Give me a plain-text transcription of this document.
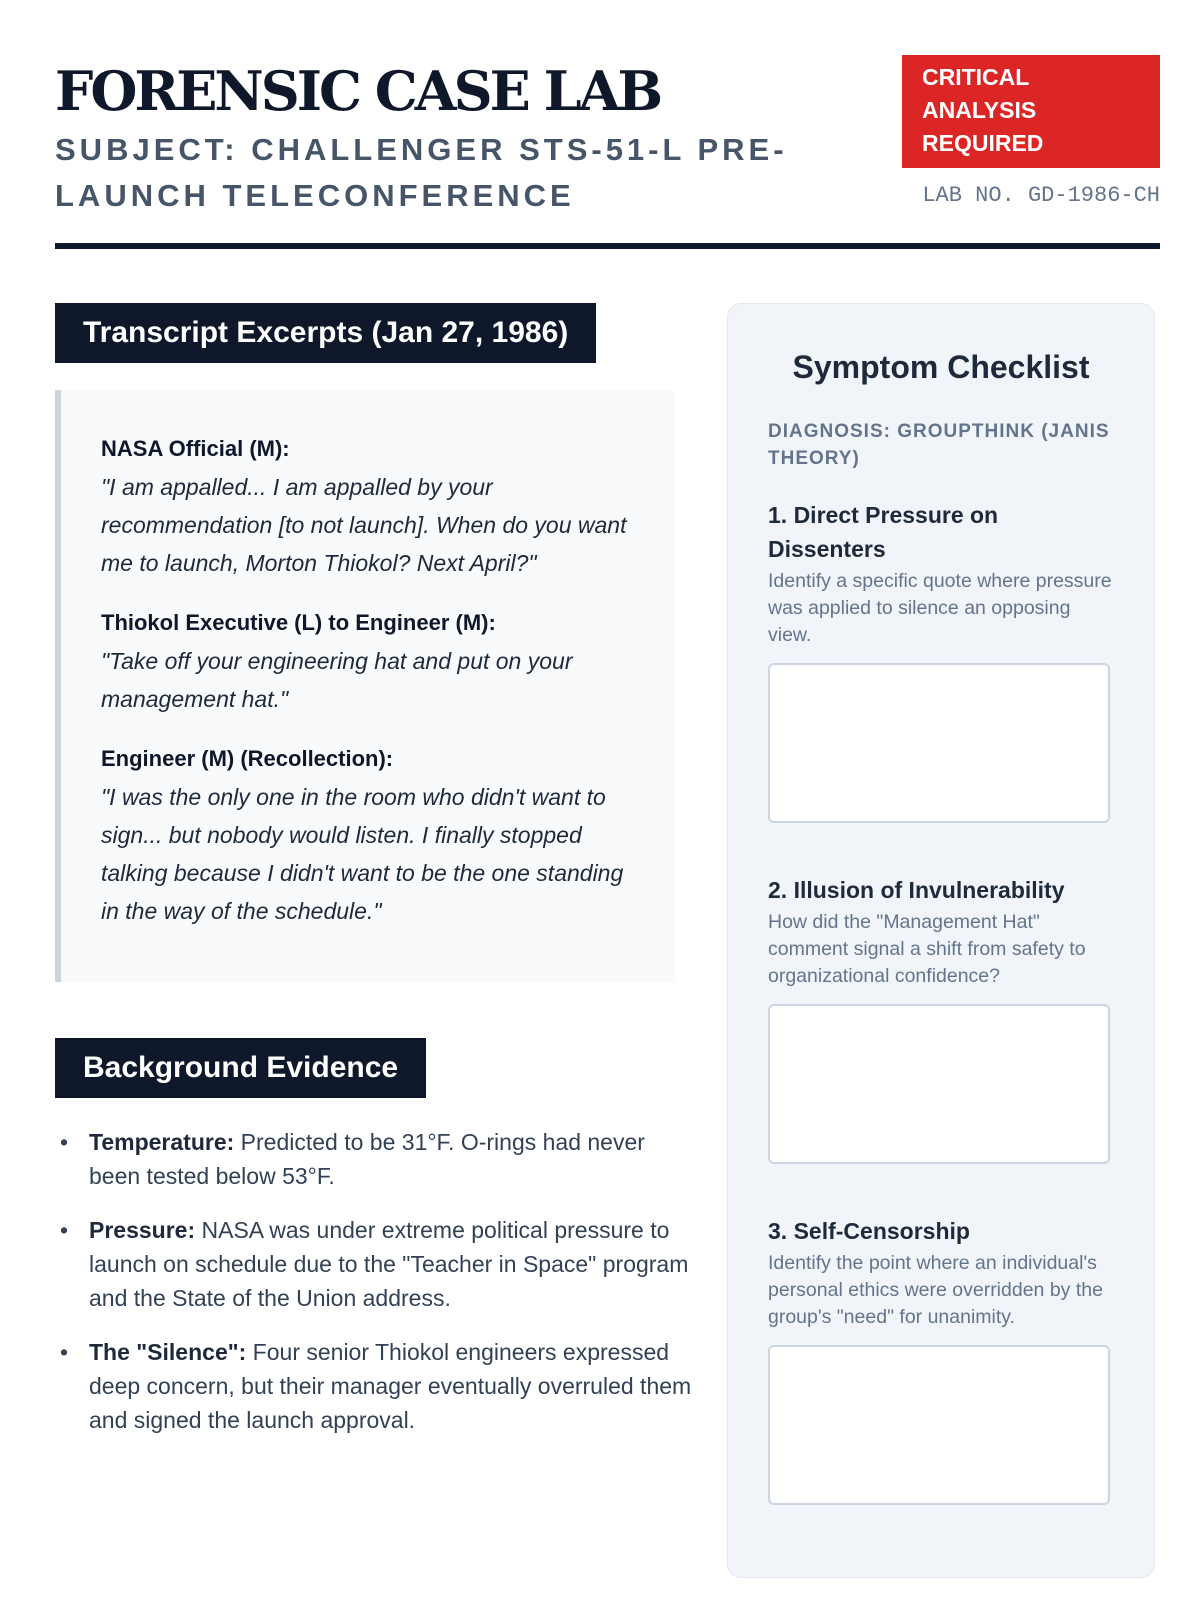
FORENSIC CASE LAB
SUBJECT: CHALLENGER STS-51-L PRE-LAUNCH TELECONFERENCE
CRITICAL ANALYSIS REQUIRED
LAB NO. GD-1986-CH
Transcript Excerpts (Jan 27, 1986)
NASA Official (M):
"I am appalled... I am appalled by your recommendation [to not launch]. When do you want me to launch, Morton Thiokol? Next April?"
Thiokol Executive (L) to Engineer (M):
"Take off your engineering hat and put on your management hat."
Engineer (M) (Recollection):
"I was the only one in the room who didn't want to sign... but nobody would listen. I finally stopped talking because I didn't want to be the one standing in the way of the schedule."
Background Evidence
• Temperature: Predicted to be 31°F. O-rings had never been tested below 53°F.
• Pressure: NASA was under extreme political pressure to launch on schedule due to the "Teacher in Space" program and the State of the Union address.
• The "Silence": Four senior Thiokol engineers expressed deep concern, but their manager eventually overruled them and signed the launch approval.
Symptom Checklist
DIAGNOSIS: GROUPTHINK (JANIS THEORY)
1. Direct Pressure on Dissenters
Identify a specific quote where pressure was applied to silence an opposing view.
2. Illusion of Invulnerability
How did the "Management Hat" comment signal a shift from safety to organizational confidence?
3. Self-Censorship
Identify the point where an individual's personal ethics were overridden by the group's "need" for unanimity.
